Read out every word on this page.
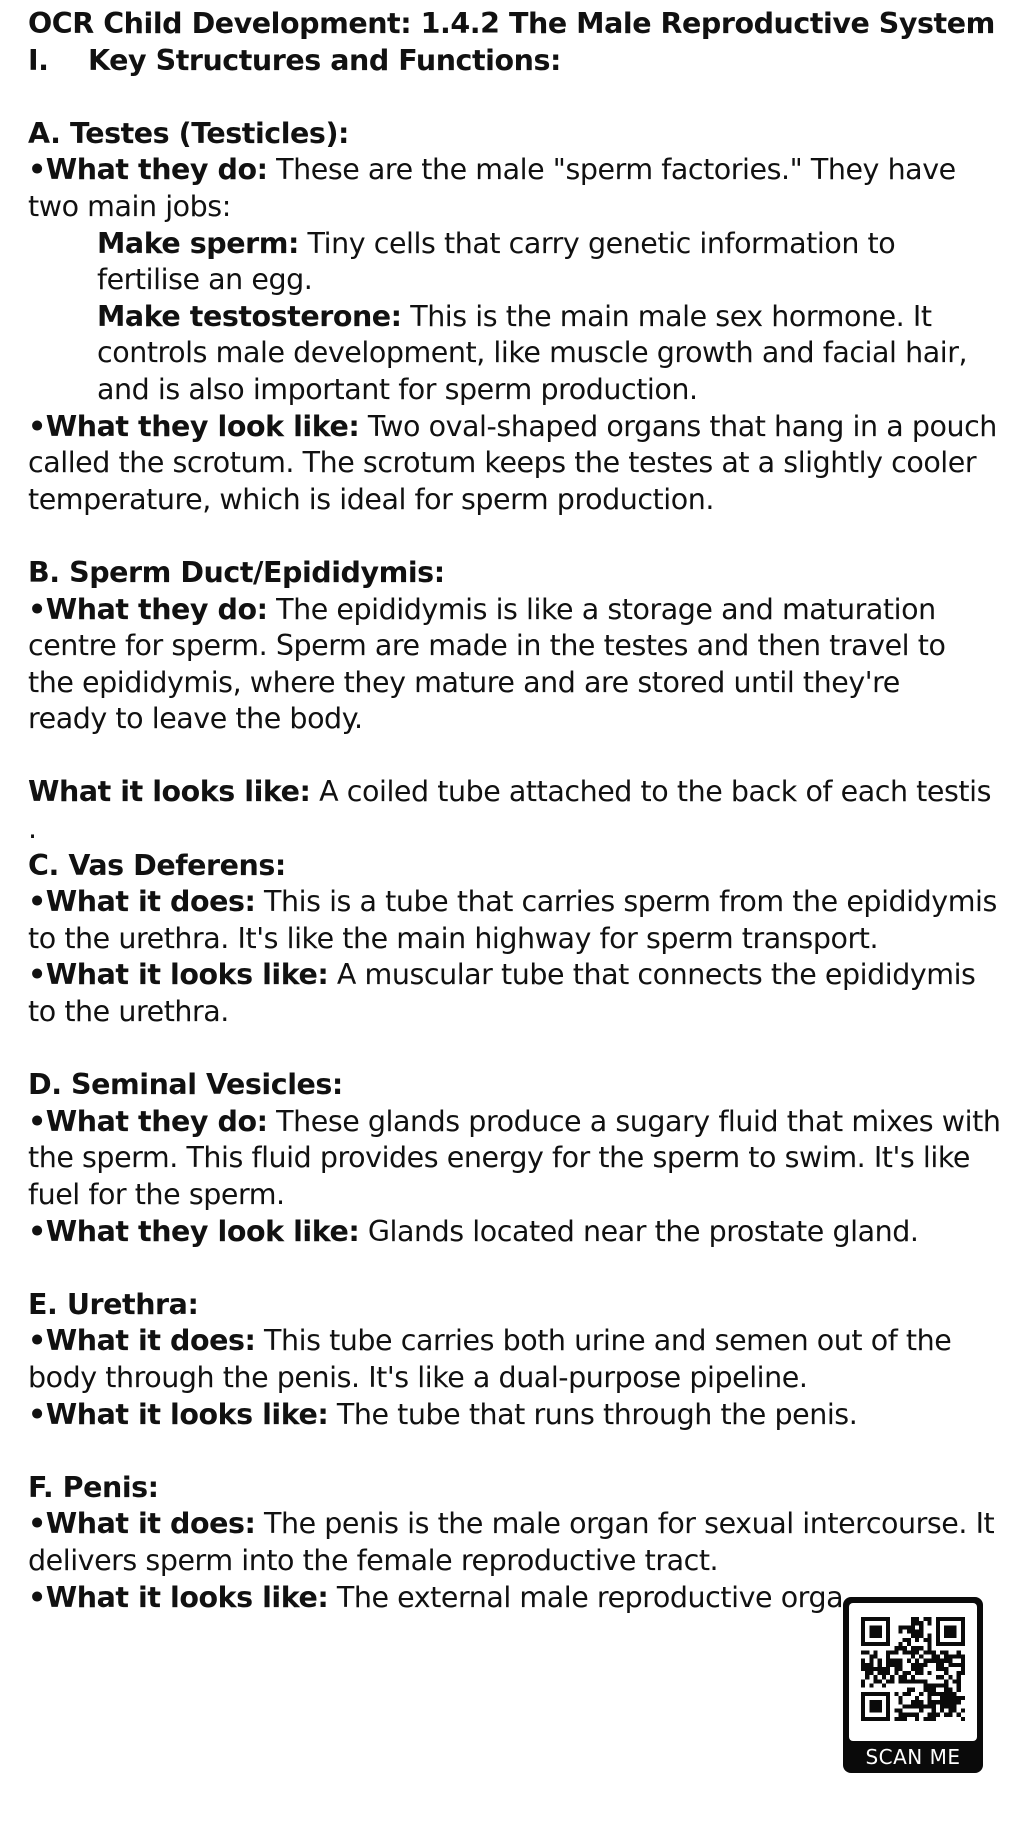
OCR Child Development: 1.4.2 The Male Reproductive System
I. Key Structures and Functions:
A. Testes (Testicles):
•What they do: These are the male "sperm factories." They have
two main jobs:
Make sperm: Tiny cells that carry genetic information to
fertilise an egg.
Make testosterone: This is the main male sex hormone. It
controls male development, like muscle growth and facial hair,
and is also important for sperm production.
•What they look like: Two oval-shaped organs that hang in a pouch
called the scrotum. The scrotum keeps the testes at a slightly cooler
temperature, which is ideal for sperm production.
B. Sperm Duct/Epididymis:
•What they do: The epididymis is like a storage and maturation
centre for sperm. Sperm are made in the testes and then travel to
the epididymis, where they mature and are stored until they're
ready to leave the body.
What it looks like: A coiled tube attached to the back of each testis
.
C. Vas Deferens:
•What it does: This is a tube that carries sperm from the epididymis
to the urethra. It's like the main highway for sperm transport.
•What it looks like: A muscular tube that connects the epididymis
to the urethra.
D. Seminal Vesicles:
•What they do: These glands produce a sugary fluid that mixes with
the sperm. This fluid provides energy for the sperm to swim. It's like
fuel for the sperm.
•What they look like: Glands located near the prostate gland.
E. Urethra:
•What it does: This tube carries both urine and semen out of the
body through the penis. It's like a dual-purpose pipeline.
•What it looks like: The tube that runs through the penis.
F. Penis:
•What it does: The penis is the male organ for sexual intercourse. It
delivers sperm into the female reproductive tract.
•What it looks like: The external male reproductive orga
SCAN ME
